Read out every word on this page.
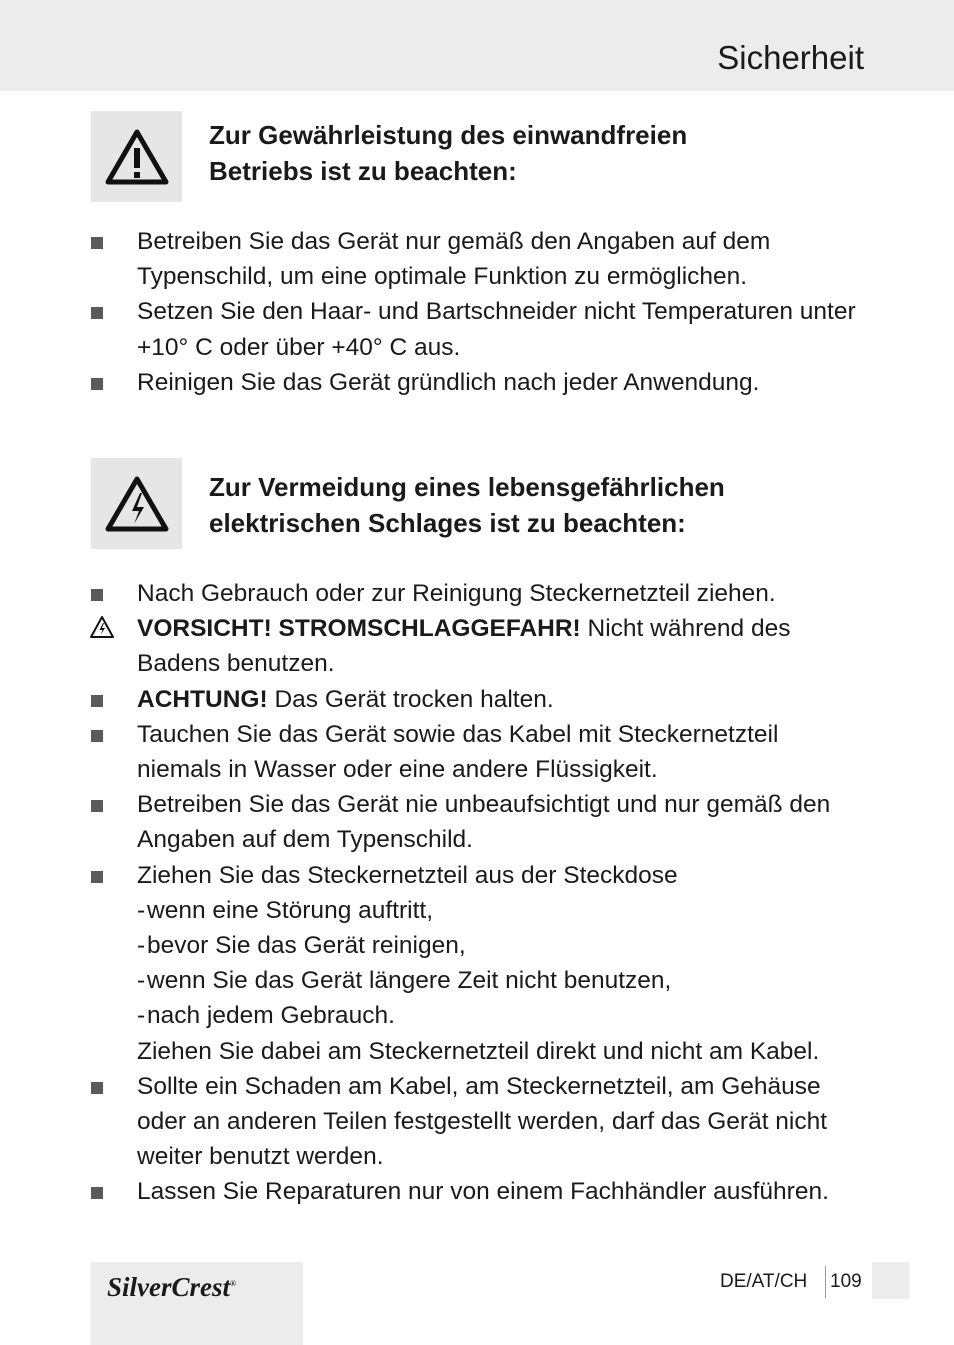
Sicherheit
Zur Gewährleistung des einwandfreien
Betriebs ist zu beachten:
Betreiben Sie das Gerät nur gemäß den Angaben auf dem Typenschild, um eine optimale Funktion zu ermöglichen.
Setzen Sie den Haar- und Bartschneider nicht Temperaturen unter +10° C oder über +40° C aus.
Reinigen Sie das Gerät gründlich nach jeder Anwendung.
Zur Vermeidung eines lebensgefährlichen
elektrischen Schlages ist zu beachten:
Nach Gebrauch oder zur Reinigung Steckernetzteil ziehen.
VORSICHT! STROMSCHLAGGEFAHR! Nicht während des Badens benutzen.
ACHTUNG! Das Gerät trocken halten.
Tauchen Sie das Gerät sowie das Kabel mit Steckernetzteil niemals in Wasser oder eine andere Flüssigkeit.
Betreiben Sie das Gerät nie unbeaufsichtigt und nur gemäß den Angaben auf dem Typenschild.
Ziehen Sie das Steckernetzteil aus der Steckdose
-wenn eine Störung auftritt,
-bevor Sie das Gerät reinigen,
-wenn Sie das Gerät längere Zeit nicht benutzen,
-nach jedem Gebrauch.
Ziehen Sie dabei am Steckernetzteil direkt und nicht am Kabel.
Sollte ein Schaden am Kabel, am Steckernetzteil, am Gehäuse oder an anderen Teilen festgestellt werden, darf das Gerät nicht weiter benutzt werden.
Lassen Sie Reparaturen nur von einem Fachhändler ausführen.
SilverCrest®	DE/AT/CH 109
